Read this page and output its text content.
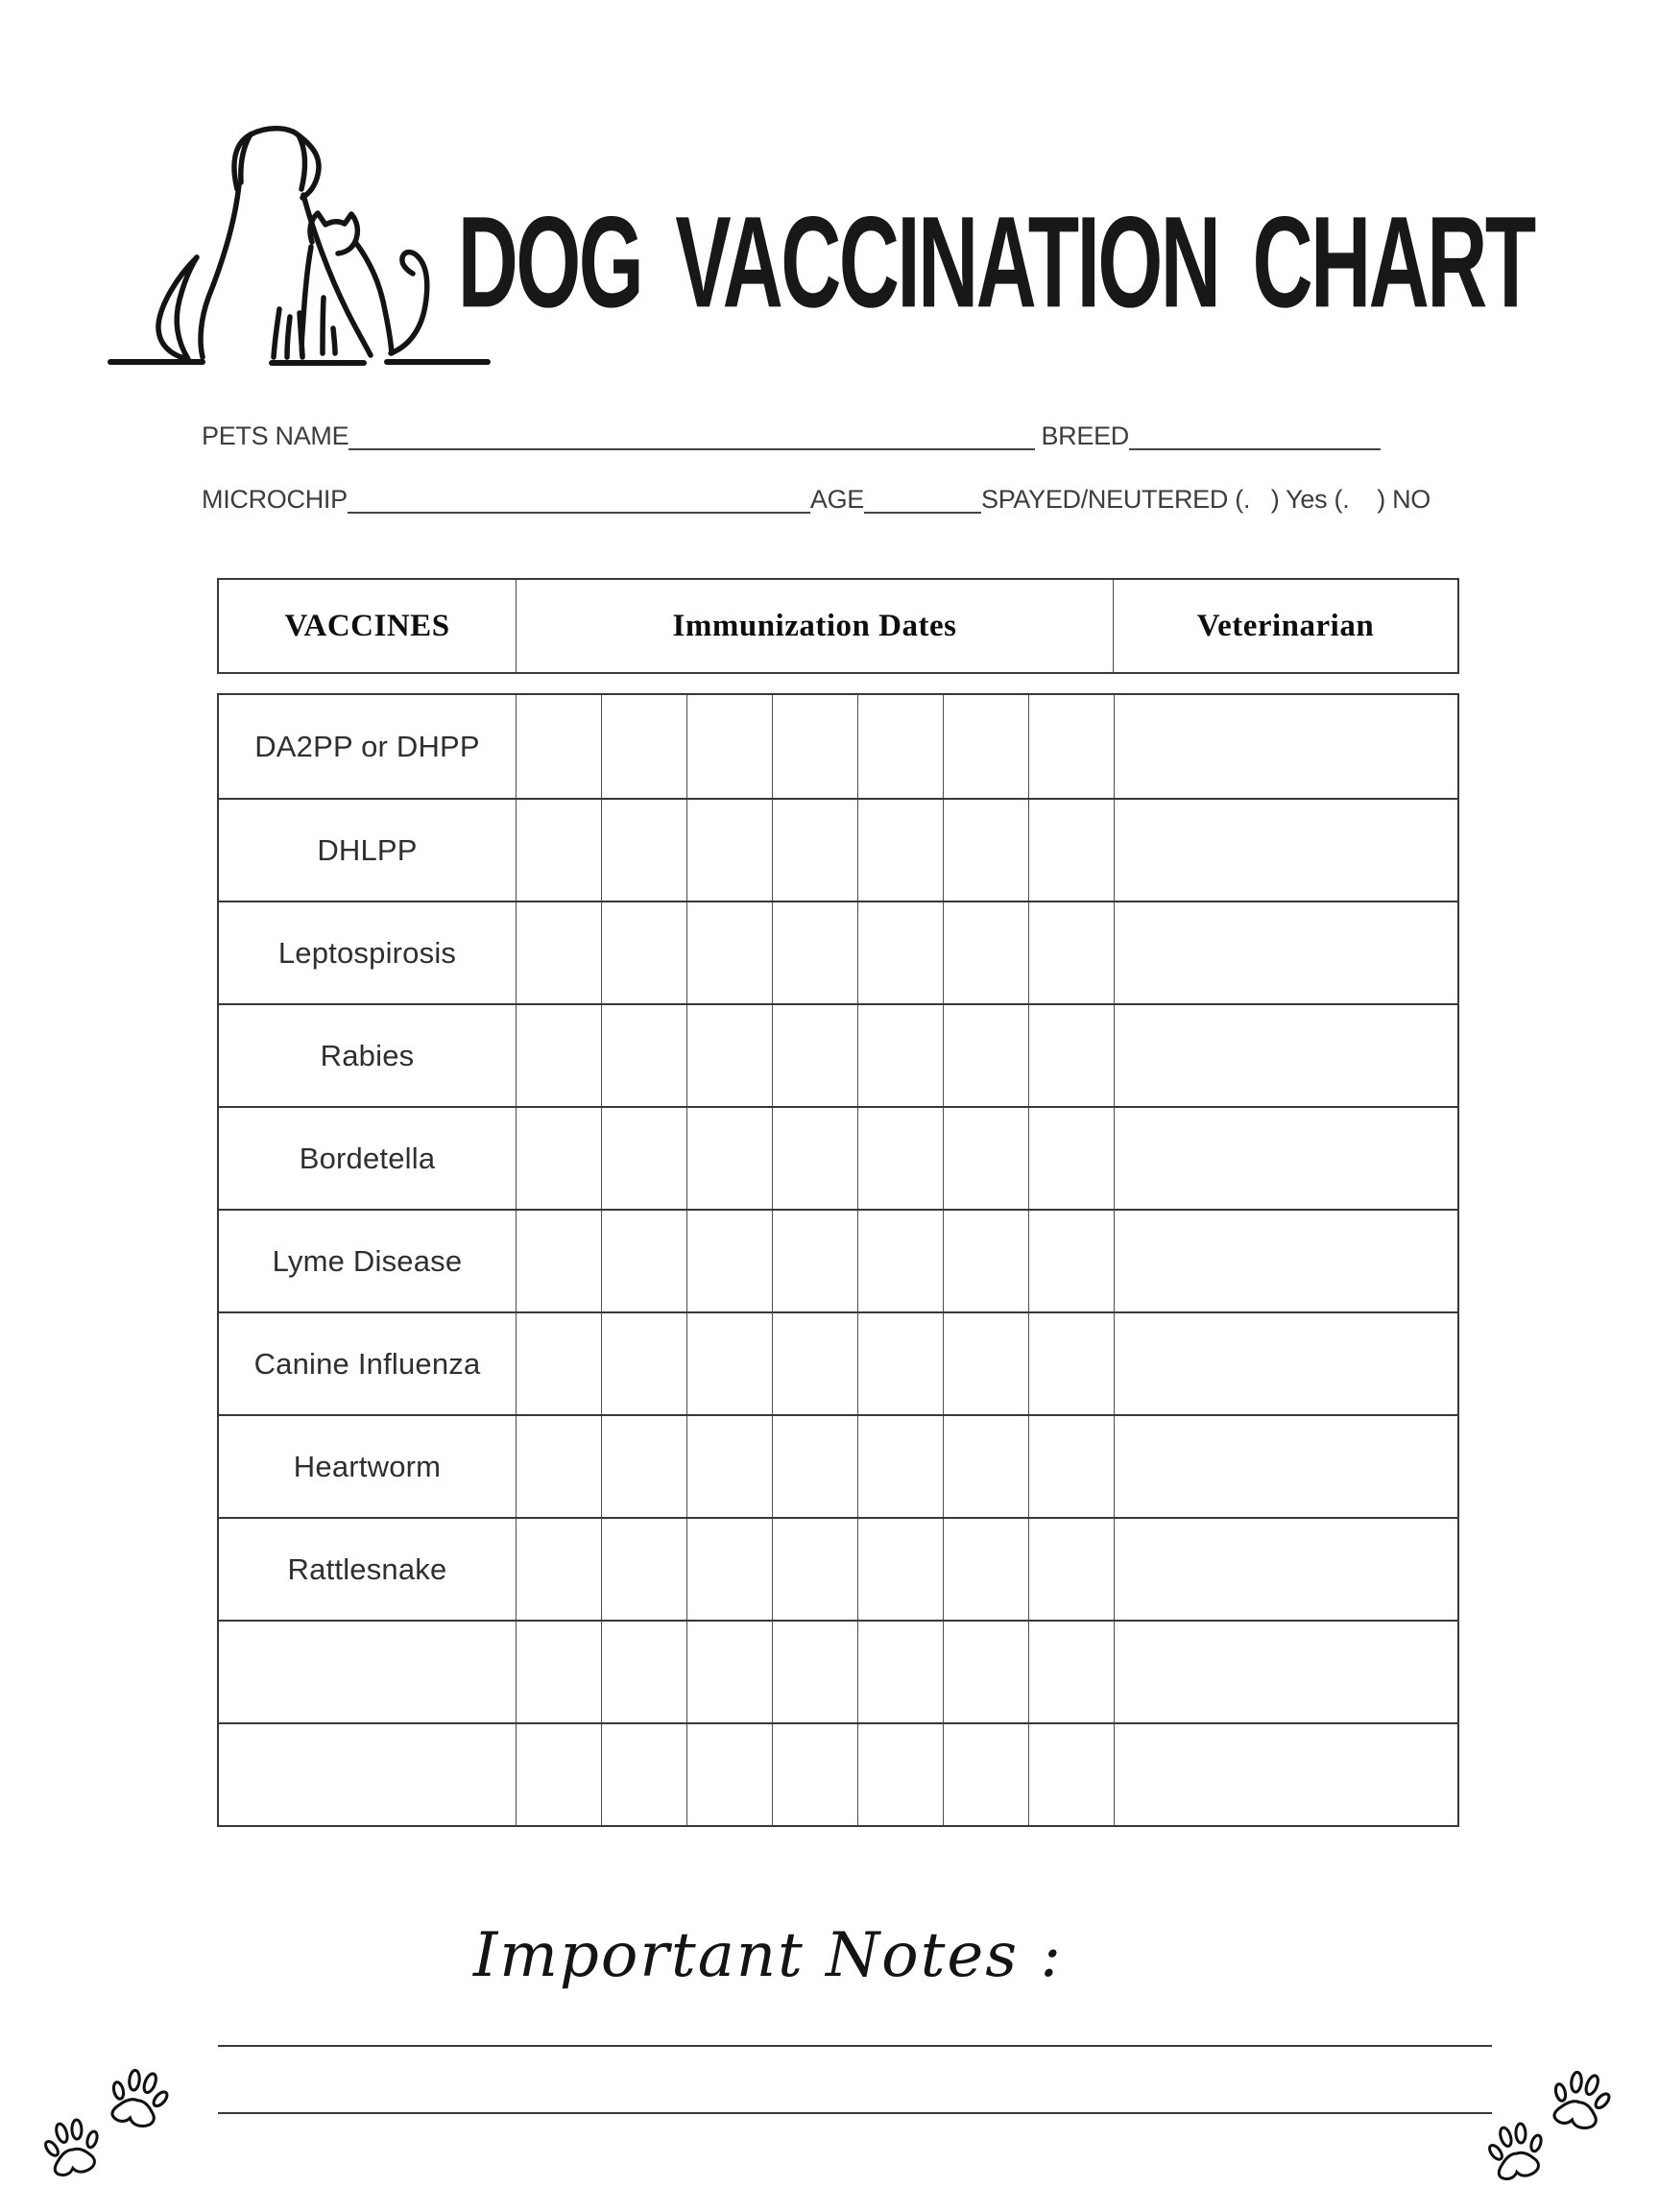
DOG VACCINATION CHART
PETS NAME	BREED
MICROCHIP	AGE	SPAYED/NEUTERED (.   ) Yes (.    ) NO
VACCINES	Immunization Dates	Veterinarian
DA2PP or DHPP
DHLPP
Leptospirosis
Rabies
Bordetella
Lyme Disease
Canine Influenza
Heartworm
Rattlesnake
Important Notes :
